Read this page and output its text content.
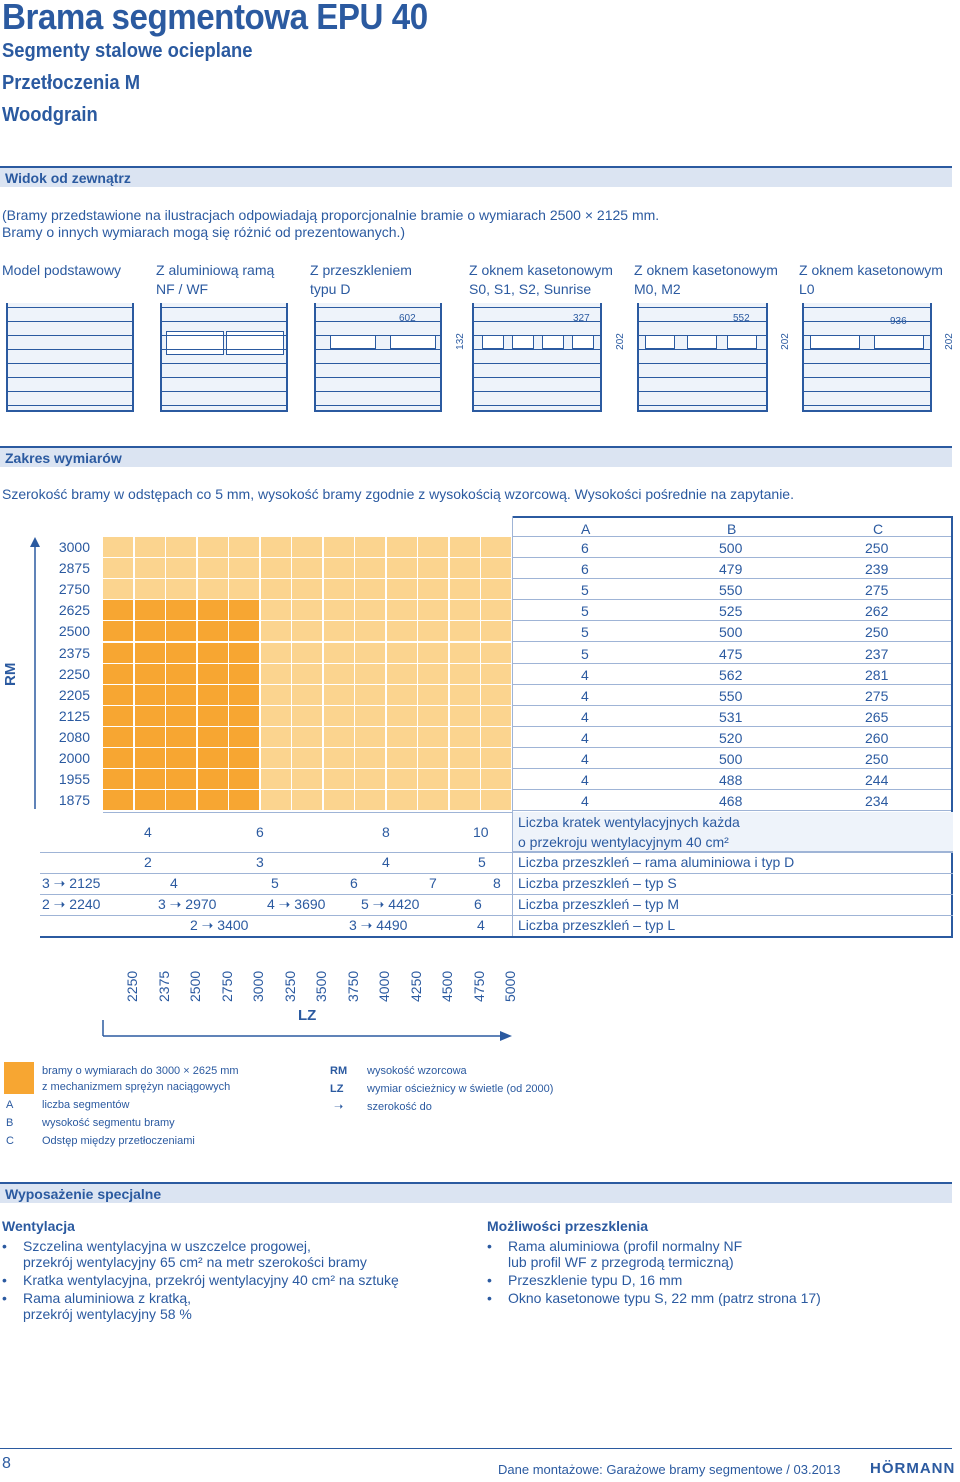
Brama segmentowa EPU 40
Segmenty stalowe ocieplane
Przetłoczenia M
Woodgrain
Widok od zewnątrz
(Bramy przedstawione na ilustracjach odpowiadają proporcjonalnie bramie o wymiarach 2500 × 2125 mm.
Bramy o innych wymiarach mogą się różnić od prezentowanych.)
Model podstawowy Z aluminiową ramą
NF / WF
Z przeszkleniem
typu D
Z oknem kasetonowym
S0, S1, S2, Sunrise
Z oknem kasetonowym
M0, M2
Z oknem kasetonowym
L0
602
132
327
202
552
202
936
202
Zakres wymiarów
Szerokość bramy w odstępach co 5 mm, wysokość bramy zgodnie z wysokością wzorcową. Wysokości pośrednie na zapytanie.
RM
A	B	C
6	500	250
6	479	239
5	550	275
5	525	262
5	500	250
5	475	237
4	562	281
4	550	275
4	531	265
4	520	260
4	500	250
4	488	244
4	468	234
4	6	8	10
Liczba kratek wentylacyjnych każda
o przekroju wentylacyjnym 40 cm²
2	3	4	5 Liczba przeszkleń – rama aluminiowa i typ D
3 ➝ 2125	4	5	6	7	8 Liczba przeszkleń – typ S
2 ➝ 2240	3 ➝ 2970	4 ➝ 3690	5 ➝ 4420	6	Liczba przeszkleń – typ M
2 ➝ 3400	3 ➝ 4490	4 Liczba przeszkleń – typ L
LZ
bramy o wymiarach do 3000 × 2625 mm
z mechanizmem sprężyn naciągowych
A	liczba segmentów
B	wysokość segmentu bramy
C	Odstęp między przetłoczeniami
RM wysokość wzorcowa
LZ wymiar ościeżnicy w świetle (od 2000)
➝ szerokość do
Wyposażenie specjalne
Wentylacja
• Szczelina wentylacyjna w uszczelce progowej,
przekrój wentylacyjny 65 cm² na metr szerokości bramy
• Kratka wentylacyjna, przekrój wentylacyjny 40 cm² na sztukę
• Rama aluminiowa z kratką,
przekrój wentylacyjny 58 %
Możliwości przeszklenia
• Rama aluminiowa (profil normalny NF
lub profil WF z przegrodą termiczną)
• Przeszklenie typu D, 16 mm
• Okno kasetonowe typu S, 22 mm (patrz strona 17)
8	Dane montażowe: Garażowe bramy segmentowe / 03.2013 HÖRMANN
3000
2875
2750
2625
2500
2375
2250
2205
2125
2080
2000
1955
1875
2250 2375 2500 2750 3000 3250 3500 3750 4000 4250 4500 4750 5000
